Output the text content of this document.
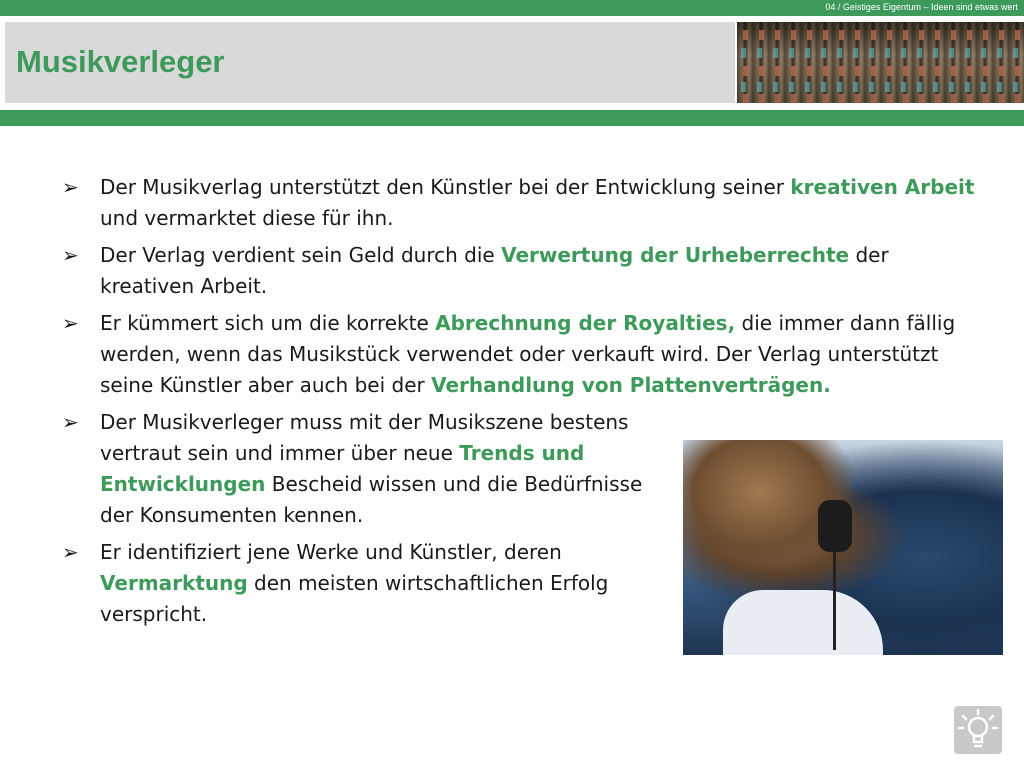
04 / Geistiges Eigentum – Ideen sind etwas wert
Musikverleger
➢ Der Musikverlag unterstützt den Künstler bei der Entwicklung seiner kreativen Arbeit und vermarktet diese für ihn.
➢ Der Verlag verdient sein Geld durch die Verwertung der Urheberrechte der kreativen Arbeit.
➢ Er kümmert sich um die korrekte Abrechnung der Royalties, die immer dann fällig werden, wenn das Musikstück verwendet oder verkauft wird. Der Verlag unterstützt seine Künstler aber auch bei der Verhandlung von Plattenverträgen.
➢ Der Musikverleger muss mit der Musikszene bestens vertraut sein und immer über neue Trends und Entwicklungen Bescheid wissen und die Bedürfnisse der Konsumenten kennen.
➢ Er identifiziert jene Werke und Künstler, deren Vermarktung den meisten wirtschaftlichen Erfolg verspricht.
